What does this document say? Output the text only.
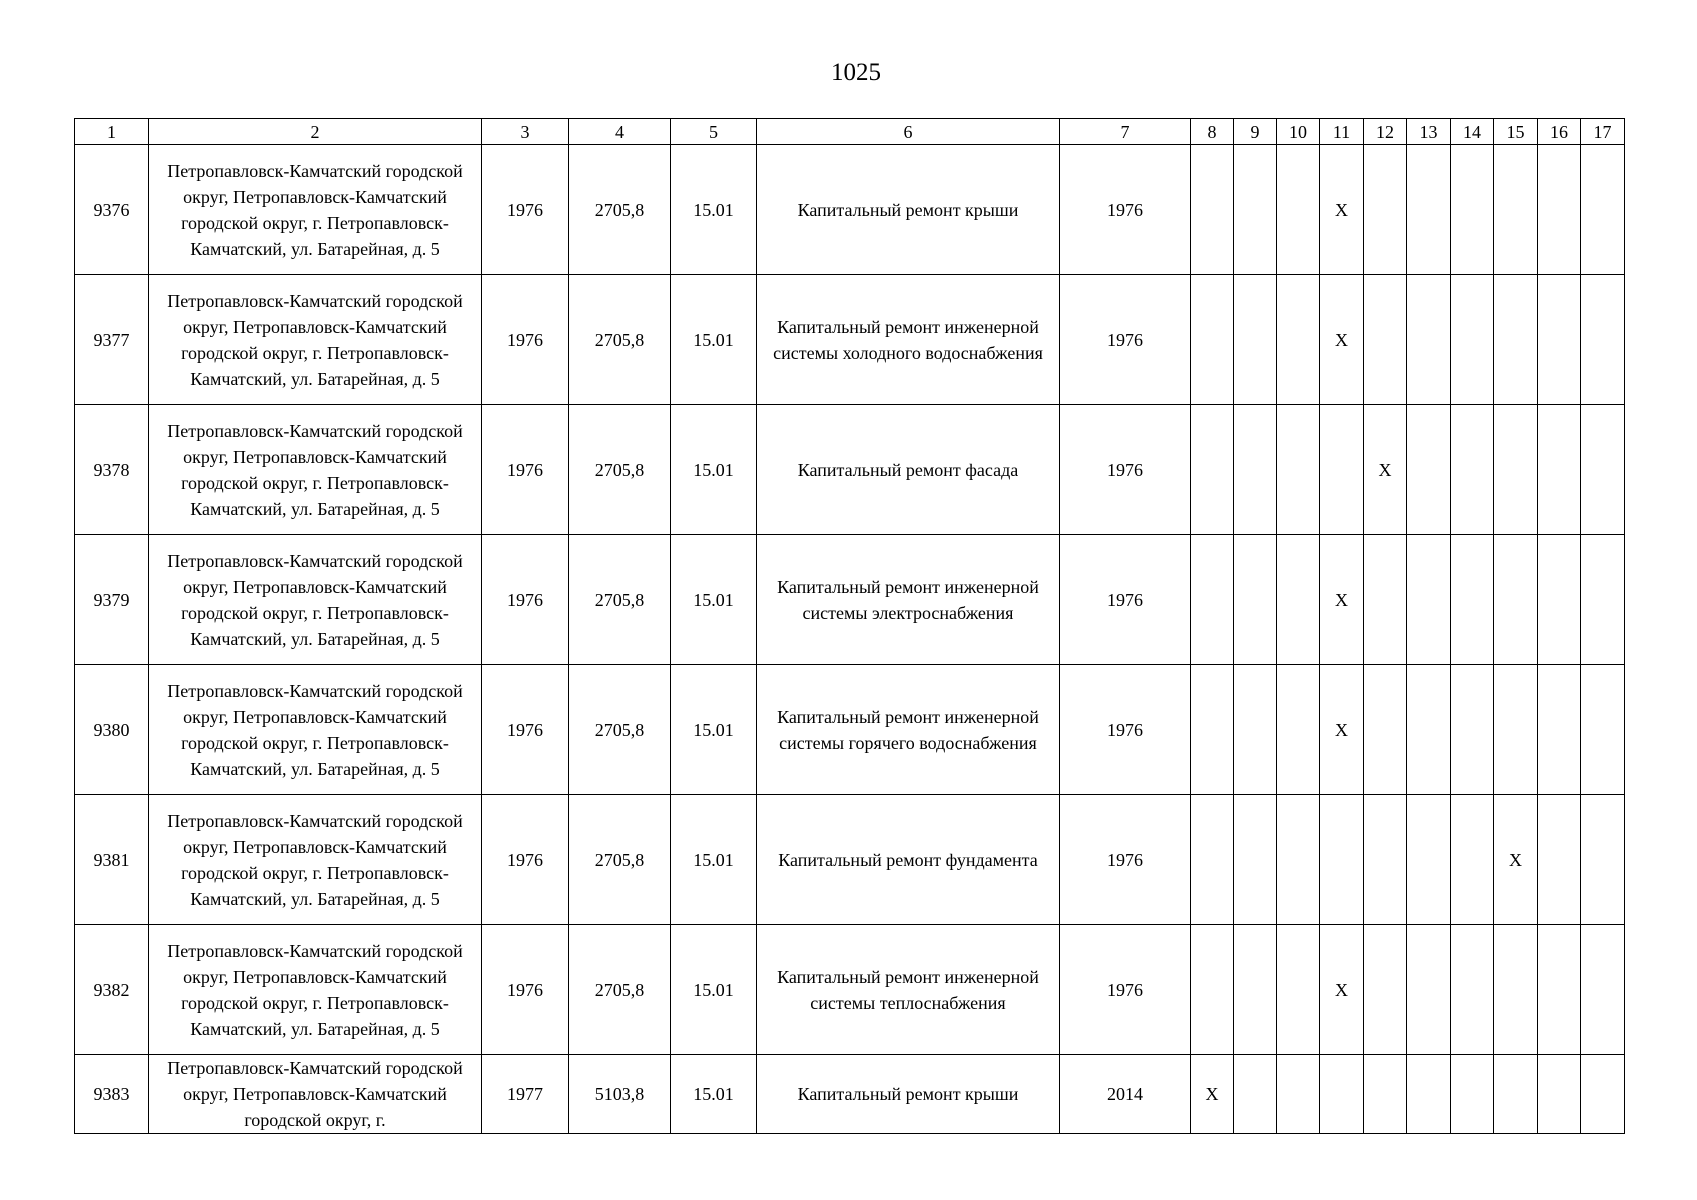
1025
1	2	3	4	5	6	7	8	9	10	11	12	13	14	15	16	17
9376	Петропавловск-Камчатский городской округ, Петропавловск-Камчатский городской округ, г. Петропавловск-Камчатский, ул. Батарейная, д. 5	1976	2705,8	15.01	Капитальный ремонт крыши	1976				X						
9377	Петропавловск-Камчатский городской округ, Петропавловск-Камчатский городской округ, г. Петропавловск-Камчатский, ул. Батарейная, д. 5	1976	2705,8	15.01	Капитальный ремонт инженерной системы холодного водоснабжения	1976				X						
9378	Петропавловск-Камчатский городской округ, Петропавловск-Камчатский городской округ, г. Петропавловск-Камчатский, ул. Батарейная, д. 5	1976	2705,8	15.01	Капитальный ремонт фасада	1976					X					
9379	Петропавловск-Камчатский городской округ, Петропавловск-Камчатский городской округ, г. Петропавловск-Камчатский, ул. Батарейная, д. 5	1976	2705,8	15.01	Капитальный ремонт инженерной системы электроснабжения	1976				X						
9380	Петропавловск-Камчатский городской округ, Петропавловск-Камчатский городской округ, г. Петропавловск-Камчатский, ул. Батарейная, д. 5	1976	2705,8	15.01	Капитальный ремонт инженерной системы горячего водоснабжения	1976				X						
9381	Петропавловск-Камчатский городской округ, Петропавловск-Камчатский городской округ, г. Петропавловск-Камчатский, ул. Батарейная, д. 5	1976	2705,8	15.01	Капитальный ремонт фундамента	1976								X		
9382	Петропавловск-Камчатский городской округ, Петропавловск-Камчатский городской округ, г. Петропавловск-Камчатский, ул. Батарейная, д. 5	1976	2705,8	15.01	Капитальный ремонт инженерной системы теплоснабжения	1976				X						
9383	Петропавловск-Камчатский городской округ, Петропавловск-Камчатский городской округ, г.	1977	5103,8	15.01	Капитальный ремонт крыши	2014	X									
